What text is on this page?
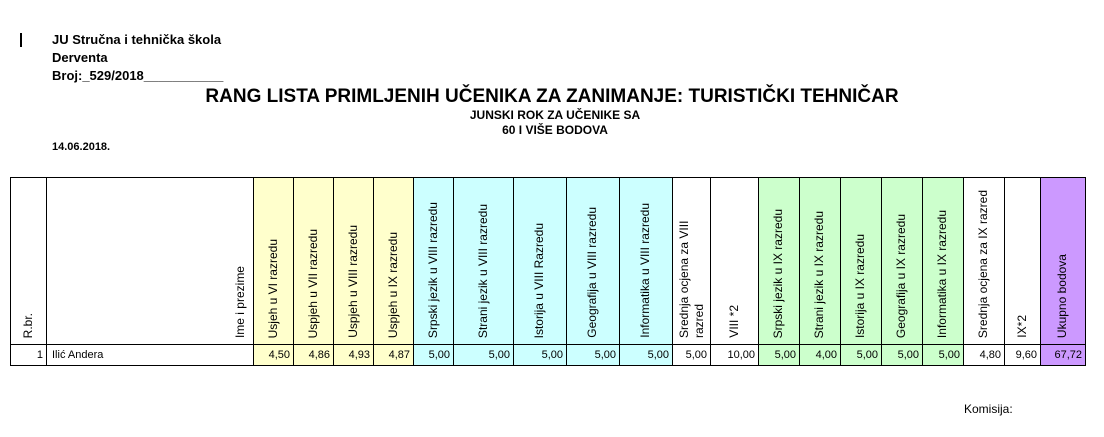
JU Stručna i tehnička škola
Derventa
Broj:_529/2018___________
RANG LISTA PRIMLJENIH UČENIKA ZA ZANIMANJE: TURISTIČKI TEHNIČAR
JUNSKI ROK ZA UČENIKE SA
60 I VIŠE BODOVA
14.06.2018.
R.br.	Ime i prezime	Usjeh u VI razredu	Uspjeh u VII razredu	Uspjeh u VIII razredu	Uspjeh u IX razredu	Srpski jezik u VIII razredu	Strani jezik u VIII razredu	Istorija u VIII Razredu	Geografija u VIII razredu	Informatika u VIII razredu	Srednja ocjena za VIII razred	VIII *2	Srpski jezik u IX razredu	Strani jezik u IX razredu	Istorija u IX razredu	Geografija u IX razredu	Informatika u IX razredu	Srednja ocjena za IX razred	IX*2	Ukupno bodova

1	Ilić Andera	4,50	4,86	4,93	4,87	5,00	5,00	5,00	5,00	5,00	5,00	10,00	5,00	4,00	5,00	5,00	5,00	4,80	9,60	67,72
Komisija:
